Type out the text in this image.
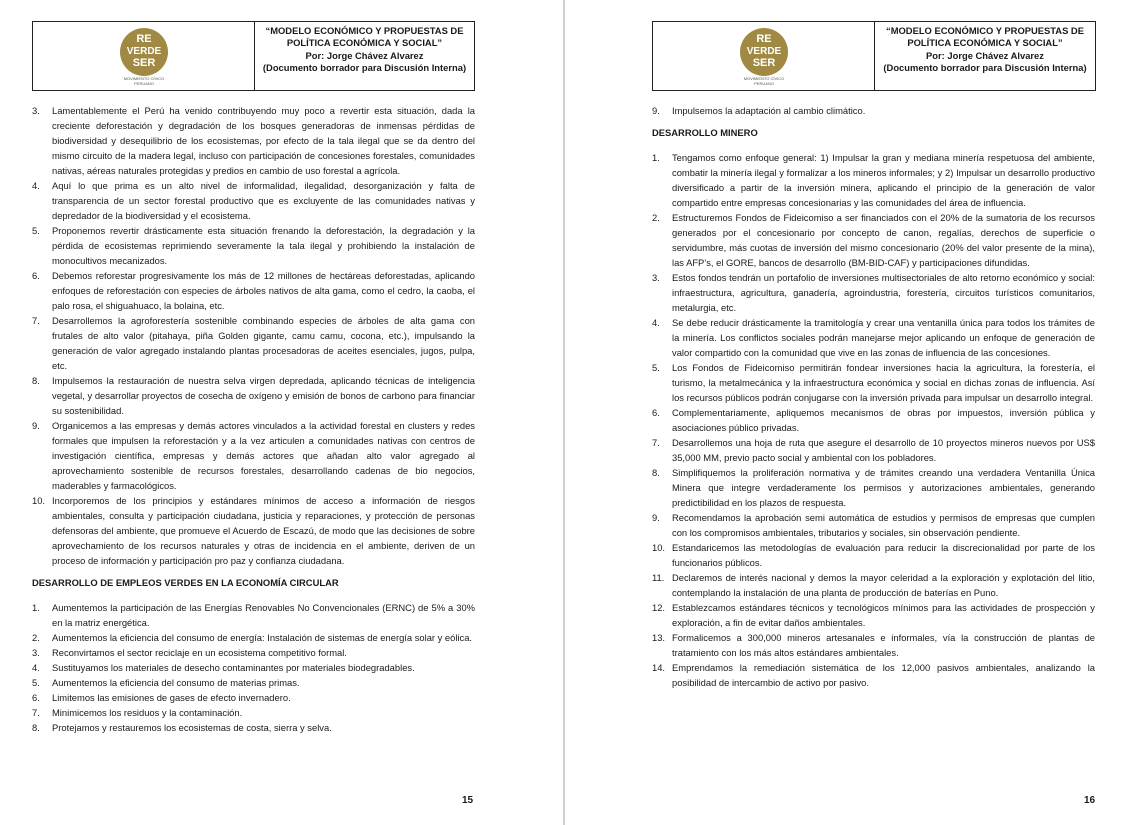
RE
VERDE
SER
MOVIMIENTO CÍVICO
PERUANO
“MODELO ECONÓMICO Y PROPUESTAS DE
POLÍTICA ECONÓMICA Y SOCIAL”
Por: Jorge Chávez Alvarez
(Documento borrador para Discusión Interna)
3. Lamentablemente el Perú ha venido contribuyendo muy poco a revertir esta situación, dada la creciente deforestación y degradación de los bosques generadoras de inmensas pérdidas de biodiversidad y desequilibrio de los ecosistemas, por efecto de la tala ilegal que se da dentro del mismo circuito de la madera legal, incluso con participación de concesiones forestales, comunidades nativas, aéreas naturales protegidas y predios en cambio de uso forestal a agrícola.
4. Aquí lo que prima es un alto nivel de informalidad, ilegalidad, desorganización y falta de transparencia de un sector forestal productivo que es excluyente de las comunidades nativas y depredador de la biodiversidad y el ecosistema.
5. Proponemos revertir drásticamente esta situación frenando la deforestación, la degradación y la pérdida de ecosistemas reprimiendo severamente la tala ilegal y prohibiendo la instalación de monocultivos mecanizados.
6. Debemos reforestar progresivamente los más de 12 millones de hectáreas deforestadas, aplicando enfoques de reforestación con especies de árboles nativos de alta gama, como el cedro, la caoba, el palo rosa, el shiguahuaco, la bolaina, etc.
7. Desarrollemos la agroforestería sostenible combinando especies de árboles de alta gama con frutales de alto valor (pitahaya, piña Golden gigante, camu camu, cocona, etc.), impulsando la generación de valor agregado instalando plantas procesadoras de aceites esenciales, jugos, pulpa, etc.
8. Impulsemos la restauración de nuestra selva virgen depredada, aplicando técnicas de inteligencia vegetal, y desarrollar proyectos de cosecha de oxígeno y emisión de bonos de carbono para financiar su sostenibilidad.
9. Organicemos a las empresas y demás actores vinculados a la actividad forestal en clusters y redes formales que impulsen la reforestación y a la vez articulen a comunidades nativas con centros de investigación científica, empresas y demás actores que añadan alto valor agregado al aprovechamiento sostenible de recursos forestales, desarrollando cadenas de bio negocios, maderables y farmacológicos.
10. Incorporemos de los principios y estándares mínimos de acceso a información de riesgos ambientales, consulta y participación ciudadana, justicia y reparaciones, y protección de personas defensoras del ambiente, que promueve el Acuerdo de Escazú, de modo que las decisiones de sobre aprovechamiento de los recursos naturales y otras de incidencia en el ambiente, deriven de un proceso de información y participación pro paz y confianza ciudadana.
DESARROLLO DE EMPLEOS VERDES EN LA ECONOMÍA CIRCULAR
1. Aumentemos la participación de las Energías Renovables No Convencionales (ERNC) de 5% a 30% en la matriz energética.
2. Aumentemos la eficiencia del consumo de energía: Instalación de sistemas de energía solar y eólica.
3. Reconvirtamos el sector reciclaje en un ecosistema competitivo formal.
4. Sustituyamos los materiales de desecho contaminantes por materiales biodegradables.
5. Aumentemos la eficiencia del consumo de materias primas.
6. Limitemos las emisiones de gases de efecto invernadero.
7. Minimicemos los residuos y la contaminación.
8. Protejamos y restauremos los ecosistemas de costa, sierra y selva.
15
RE
VERDE
SER
MOVIMIENTO CÍVICO
PERUANO
“MODELO ECONÓMICO Y PROPUESTAS DE
POLÍTICA ECONÓMICA Y SOCIAL”
Por: Jorge Chávez Alvarez
(Documento borrador para Discusión Interna)
9. Impulsemos la adaptación al cambio climático.
DESARROLLO MINERO
1. Tengamos como enfoque general: 1) Impulsar la gran y mediana minería respetuosa del ambiente, combatir la minería ilegal y formalizar a los mineros informales; y 2) Impulsar un desarrollo productivo diversificado a partir de la inversión minera, aplicando el principio de la generación de valor compartido entre empresas concesionarias y las comunidades del área de influencia.
2. Estructuremos Fondos de Fideicomiso a ser financiados con el 20% de la sumatoria de los recursos generados por el concesionario por concepto de canon, regalías, derechos de superficie o servidumbre, más cuotas de inversión del mismo concesionario (20% del valor presente de la mina), las AFP’s, el GORE, bancos de desarrollo (BM-BID-CAF) y participaciones difundidas.
3. Estos fondos tendrán un portafolio de inversiones multisectoriales de alto retorno económico y social: infraestructura, agricultura, ganadería, agroindustria, forestería, circuitos turísticos comunitarios, metalurgia, etc.
4. Se debe reducir drásticamente la tramitología y crear una ventanilla única para todos los trámites de la minería. Los conflictos sociales podrán manejarse mejor aplicando un enfoque de generación de valor compartido con la comunidad que vive en las zonas de influencia de las concesiones.
5. Los Fondos de Fideicomiso permitirán fondear inversiones hacia la agricultura, la forestería, el turismo, la metalmecánica y la infraestructura económica y social en dichas zonas de influencia. Así los recursos públicos podrán conjugarse con la inversión privada para impulsar un desarrollo integral.
6. Complementariamente, apliquemos mecanismos de obras por impuestos, inversión pública y asociaciones público privadas.
7. Desarrollemos una hoja de ruta que asegure el desarrollo de 10 proyectos mineros nuevos por US$ 35,000 MM, previo pacto social y ambiental con los pobladores.
8. Simplifiquemos la proliferación normativa y de trámites creando una verdadera Ventanilla Única Minera que integre verdaderamente los permisos y autorizaciones ambientales, generando predictibilidad en los plazos de respuesta.
9. Recomendamos la aprobación semi automática de estudios y permisos de empresas que cumplen con los compromisos ambientales, tributarios y sociales, sin observación pendiente.
10. Estandaricemos las metodologías de evaluación para reducir la discrecionalidad por parte de los funcionarios públicos.
11. Declaremos de interés nacional y demos la mayor celeridad a la exploración y explotación del litio, contemplando la instalación de una planta de producción de baterías en Puno.
12. Establezcamos estándares técnicos y tecnológicos mínimos para las actividades de prospección y exploración, a fin de evitar daños ambientales.
13. Formalicemos a 300,000 mineros artesanales e informales, vía la construcción de plantas de tratamiento con los más altos estándares ambientales.
14. Emprendamos la remediación sistemática de los 12,000 pasivos ambientales, analizando la posibilidad de intercambio de activo por pasivo.
16
